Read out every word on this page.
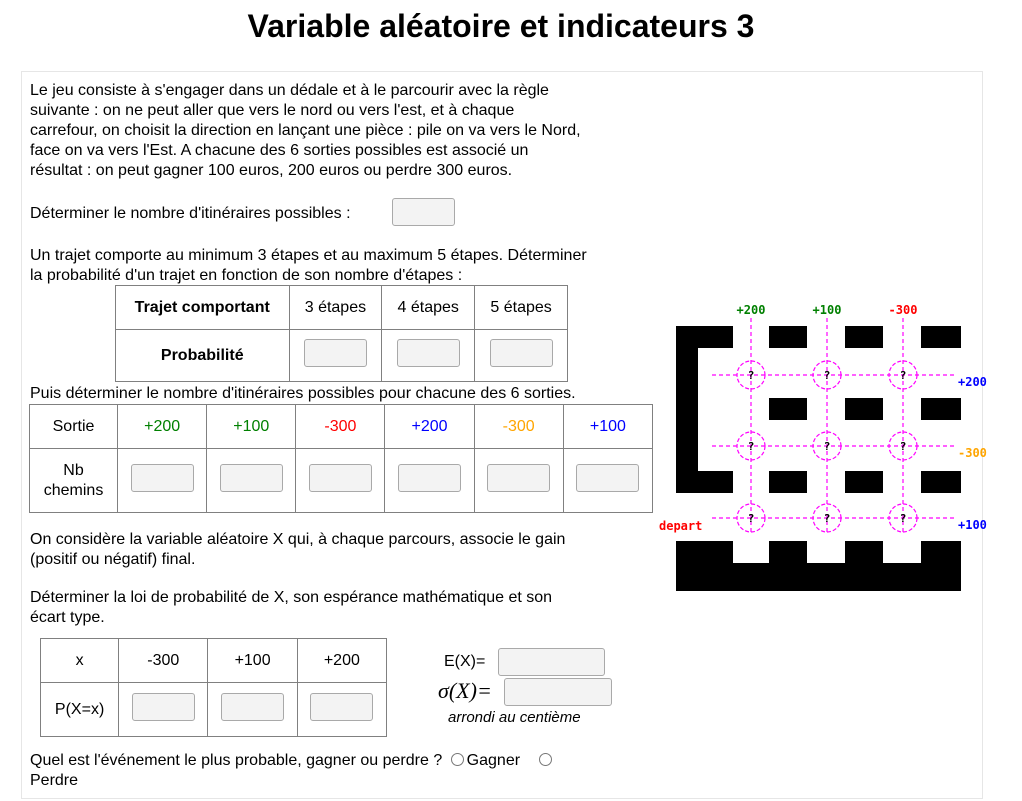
Variable aléatoire et indicateurs 3
Le jeu consiste à s'engager dans un dédale et à le parcourir avec la règle
suivante : on ne peut aller que vers le nord ou vers l'est, et à chaque
carrefour, on choisit la direction en lançant une pièce : pile on va vers le Nord,
face on va vers l'Est. A chacune des 6 sorties possibles est associé un
résultat : on peut gagner 100 euros, 200 euros ou perdre 300 euros.
Déterminer le nombre d'itinéraires possibles :
Un trajet comporte au minimum 3 étapes et au maximum 5 étapes. Déterminer
la probabilité d'un trajet en fonction de son nombre d'étapes :
Trajet comportant	3 étapes	4 étapes	5 étapes
Probabilité			
Puis déterminer le nombre d'itinéraires possibles pour chacune des 6 sorties.
Sortie	+200	+100	-300	+200	-300	+100

Nb
chemins						

On considère la variable aléatoire X qui, à chaque parcours, associe le gain
(positif ou négatif) final.
Déterminer la loi de probabilité de X, son espérance mathématique et son
écart type.
x	-300	+100	+200
P(X=x)			
E(X)=
σ(X)=
arrondi au centième
Quel est l'événement le plus probable, gagner ou perdre ? Gagner
Perdre
?	?	?
?	?	?
?	?	?
+200	+100	-300
+200
-300
+100
depart
